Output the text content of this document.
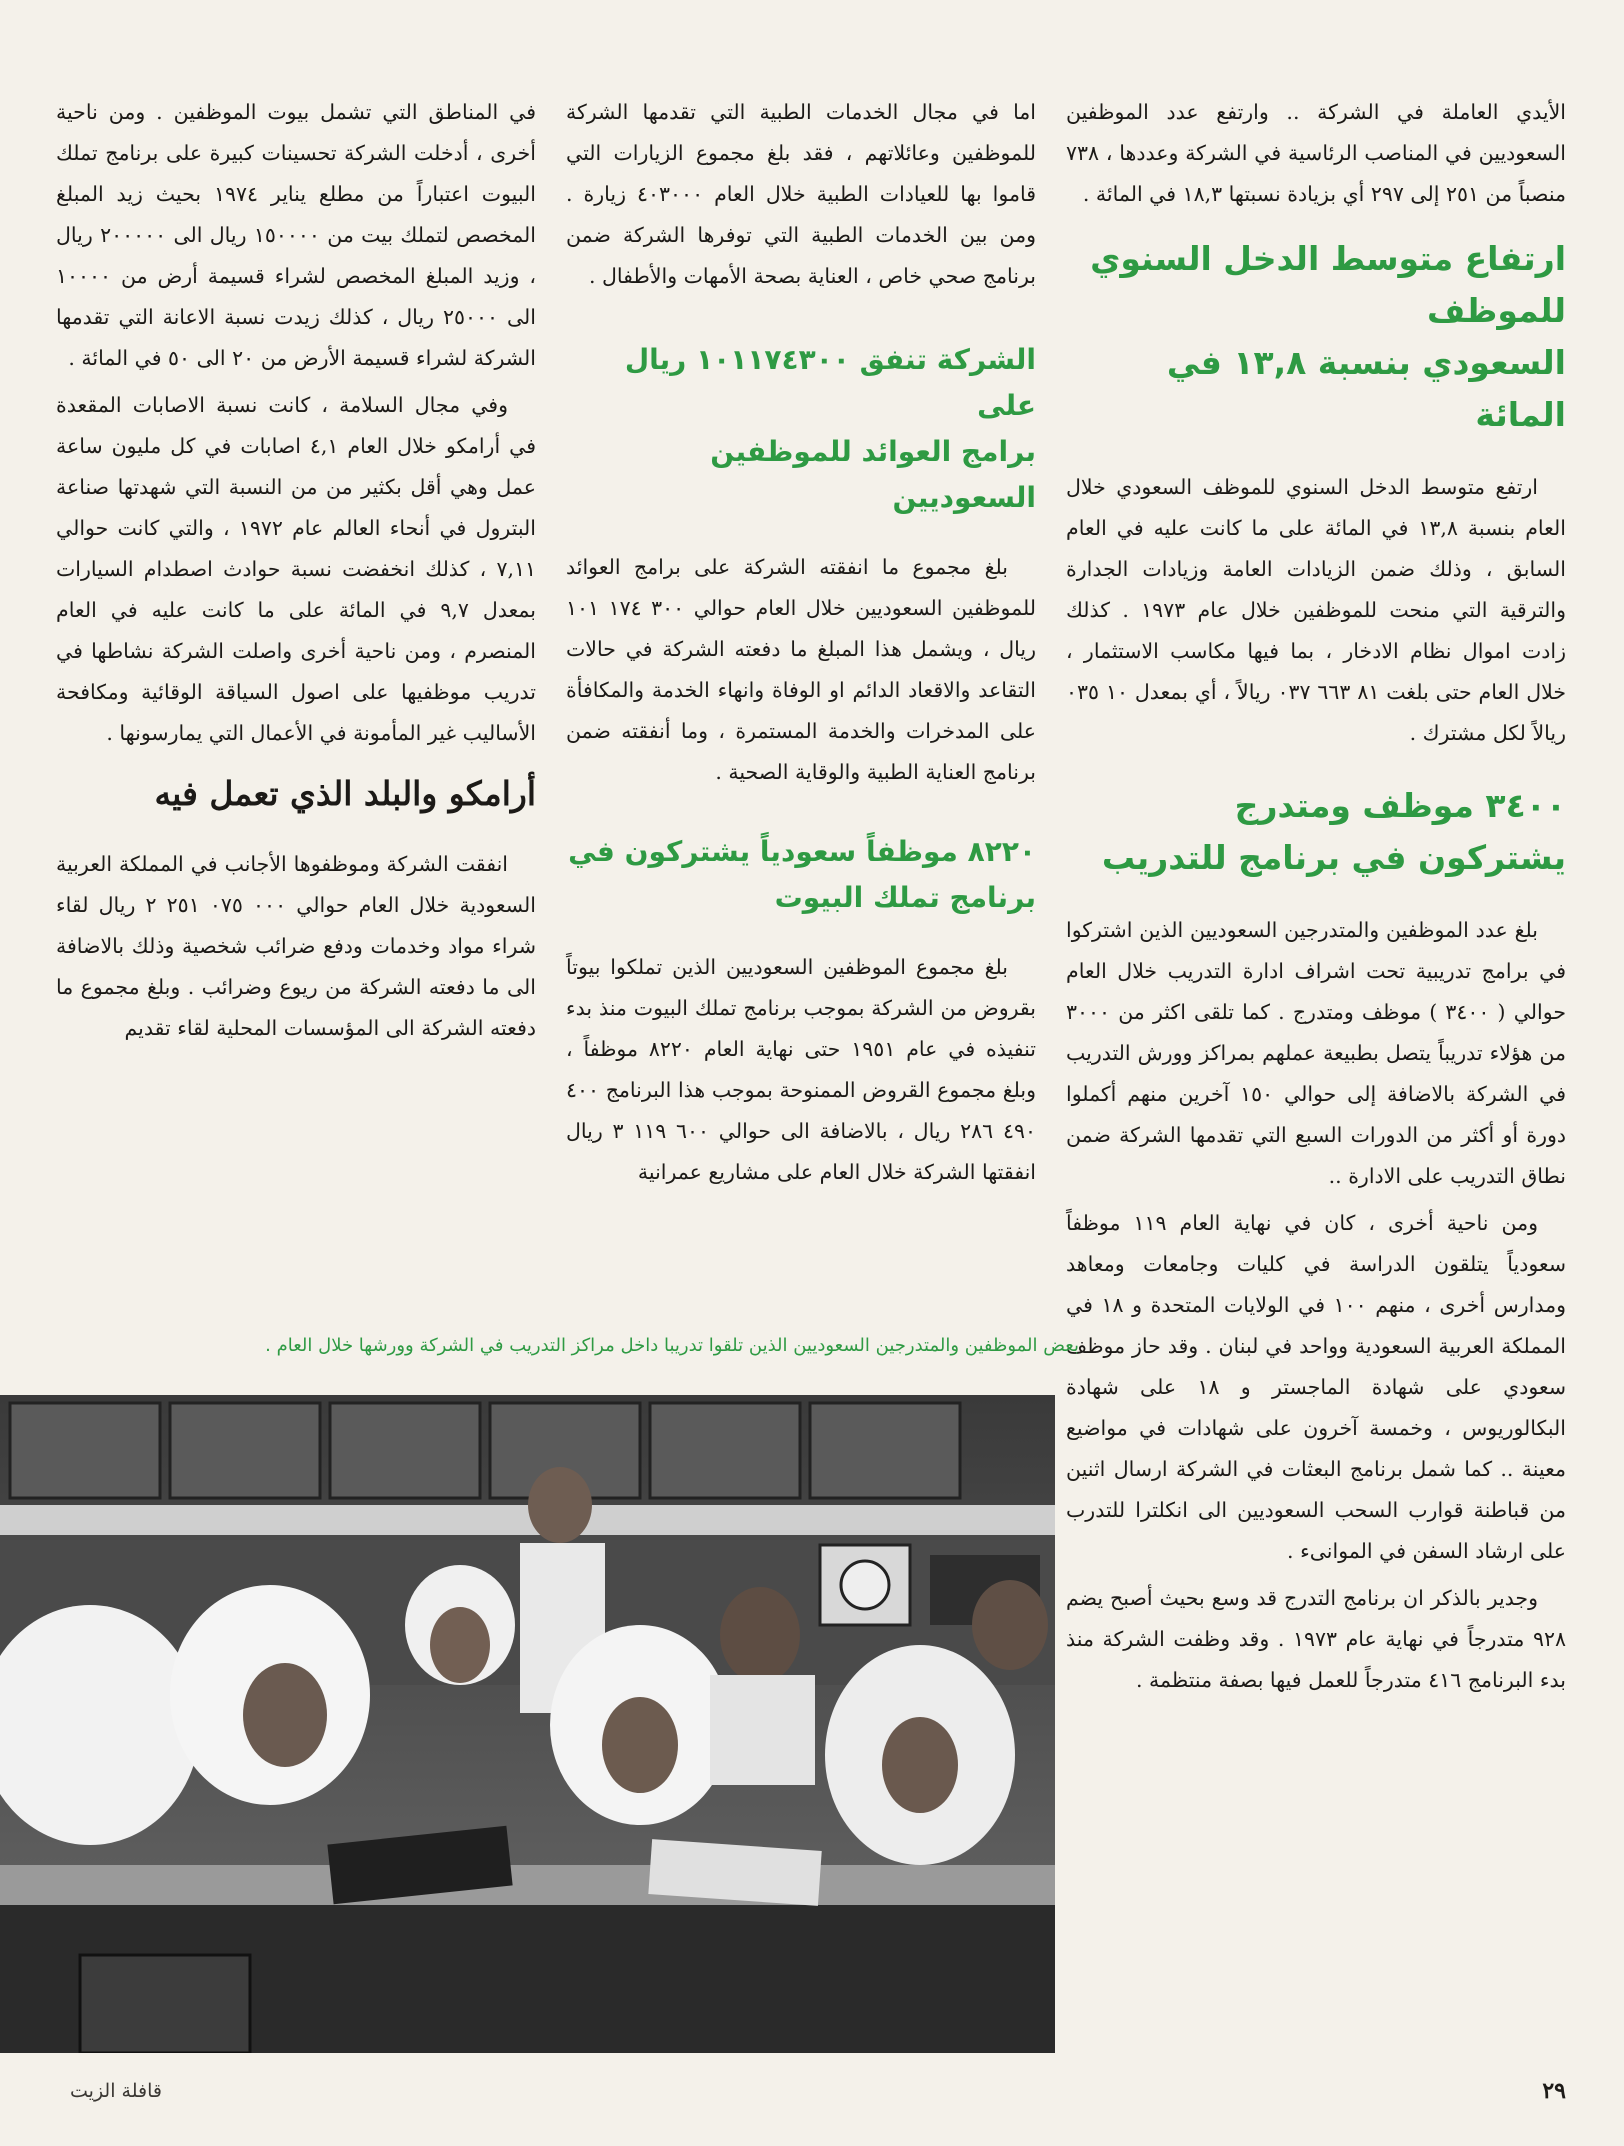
الأيدي العاملة في الشركة .. وارتفع عدد الموظفين السعوديين في المناصب الرئاسية في الشركة وعددها ، ٧٣٨ منصباً من ٢٥١ إلى ٢٩٧ أي بزيادة نسبتها ١٨,٣ في المائة .

ارتفاع متوسط الدخل السنوي للموظف
السعودي بنسبة ١٣,٨ في المائة

ارتفع متوسط الدخل السنوي للموظف السعودي خلال العام بنسبة ١٣,٨ في المائة على ما كانت عليه في العام السابق ، وذلك ضمن الزيادات العامة وزيادات الجدارة والترقية التي منحت للموظفين خلال عام ١٩٧٣ . كذلك زادت اموال نظام الادخار ، بما فيها مكاسب الاستثمار ، خلال العام حتى بلغت ٨١ ٦٦٣ ٠٣٧ ريالاً ، أي بمعدل ١٠ ٠٣٥ ريالاً لكل مشترك .

٣٤٠٠ موظف ومتدرج
يشتركون في برنامج للتدريب

بلغ عدد الموظفين والمتدرجين السعوديين الذين اشتركوا في برامج تدريبية تحت اشراف ادارة التدريب خلال العام حوالي ( ٣٤٠٠ ) موظف ومتدرج . كما تلقى اكثر من ٣٠٠٠ من هؤلاء تدريباً يتصل بطبيعة عملهم بمراكز وورش التدريب في الشركة بالاضافة إلى حوالي ١٥٠ آخرين منهم أكملوا دورة أو أكثر من الدورات السبع التي تقدمها الشركة ضمن نطاق التدريب على الادارة ..

ومن ناحية أخرى ، كان في نهاية العام ١١٩ موظفاً سعودياً يتلقون الدراسة في كليات وجامعات ومعاهد ومدارس أخرى ، منهم ١٠٠ في الولايات المتحدة و ١٨ في المملكة العربية السعودية وواحد في لبنان . وقد حاز موظف سعودي على شهادة الماجستر و ١٨ على شهادة البكالوريوس ، وخمسة آخرون على شهادات في مواضيع معينة .. كما شمل برنامج البعثات في الشركة ارسال اثنين من قباطنة قوارب السحب السعوديين الى انكلترا للتدرب على ارشاد السفن في الموانىء .

وجدير بالذكر ان برنامج التدرج قد وسع بحيث أصبح يضم ٩٢٨ متدرجاً في نهاية عام ١٩٧٣ . وقد وظفت الشركة منذ بدء البرنامج ٤١٦ متدرجاً للعمل فيها بصفة منتظمة .

اما في مجال الخدمات الطبية التي تقدمها الشركة للموظفين وعائلاتهم ، فقد بلغ مجموع الزيارات التي قاموا بها للعيادات الطبية خلال العام ٤٠٣٠٠٠ زيارة . ومن بين الخدمات الطبية التي توفرها الشركة ضمن برنامج صحي خاص ، العناية بصحة الأمهات والأطفال .

الشركة تنفق ١٠١١٧٤٣٠٠ ريال على
برامج العوائد للموظفين السعوديين

بلغ مجموع ما انفقته الشركة على برامج العوائد للموظفين السعوديين خلال العام حوالي ٣٠٠ ١٧٤ ١٠١ ريال ، ويشمل هذا المبلغ ما دفعته الشركة في حالات التقاعد والاقعاد الدائم او الوفاة وانهاء الخدمة والمكافأة على المدخرات والخدمة المستمرة ، وما أنفقته ضمن برنامج العناية الطبية والوقاية الصحية .

٨٢٢٠ موظفاً سعودياً يشتركون في
برنامج تملك البيوت

بلغ مجموع الموظفين السعوديين الذين تملكوا بيوتاً بقروض من الشركة بموجب برنامج تملك البيوت منذ بدء تنفيذه في عام ١٩٥١ حتى نهاية العام ٨٢٢٠ موظفاً ، وبلغ مجموع القروض الممنوحة بموجب هذا البرنامج ٤٠٠ ٤٩٠ ٢٨٦ ريال ، بالاضافة الى حوالي ٦٠٠ ١١٩ ٣ ريال انفقتها الشركة خلال العام على مشاريع عمرانية

في المناطق التي تشمل بيوت الموظفين . ومن ناحية أخرى ، أدخلت الشركة تحسينات كبيرة على برنامج تملك البيوت اعتباراً من مطلع يناير ١٩٧٤ بحيث زيد المبلغ المخصص لتملك بيت من ١٥٠٠٠٠ ريال الى ٢٠٠٠٠٠ ريال ، وزيد المبلغ المخصص لشراء قسيمة أرض من ١٠٠٠٠ الى ٢٥٠٠٠ ريال ، كذلك زيدت نسبة الاعانة التي تقدمها الشركة لشراء قسيمة الأرض من ٢٠ الى ٥٠ في المائة .

وفي مجال السلامة ، كانت نسبة الاصابات المقعدة في أرامكو خلال العام ٤,١ اصابات في كل مليون ساعة عمل وهي أقل بكثير من من النسبة التي شهدتها صناعة البترول في أنحاء العالم عام ١٩٧٢ ، والتي كانت حوالي ٧,١١ ، كذلك انخفضت نسبة حوادث اصطدام السيارات بمعدل ٩,٧ في المائة على ما كانت عليه في العام المنصرم ، ومن ناحية أخرى واصلت الشركة نشاطها في تدريب موظفيها على اصول السياقة الوقائية ومكافحة الأساليب غير المأمونة في الأعمال التي يمارسونها .

أرامكو والبلد الذي تعمل فيه

انفقت الشركة وموظفوها الأجانب في المملكة العربية السعودية خلال العام حوالي ٠٠٠ ٠٧٥ ٢٥١ ٢ ريال لقاء شراء مواد وخدمات ودفع ضرائب شخصية وذلك بالاضافة الى ما دفعته الشركة من ريوع وضرائب . وبلغ مجموع ما دفعته الشركة الى المؤسسات المحلية لقاء تقديم

بعض الموظفين والمتدرجين السعوديين الذين تلقوا تدريبا داخل مراكز التدريب في الشركة وورشها خلال العام .
قافلة الزيت	٢٩
